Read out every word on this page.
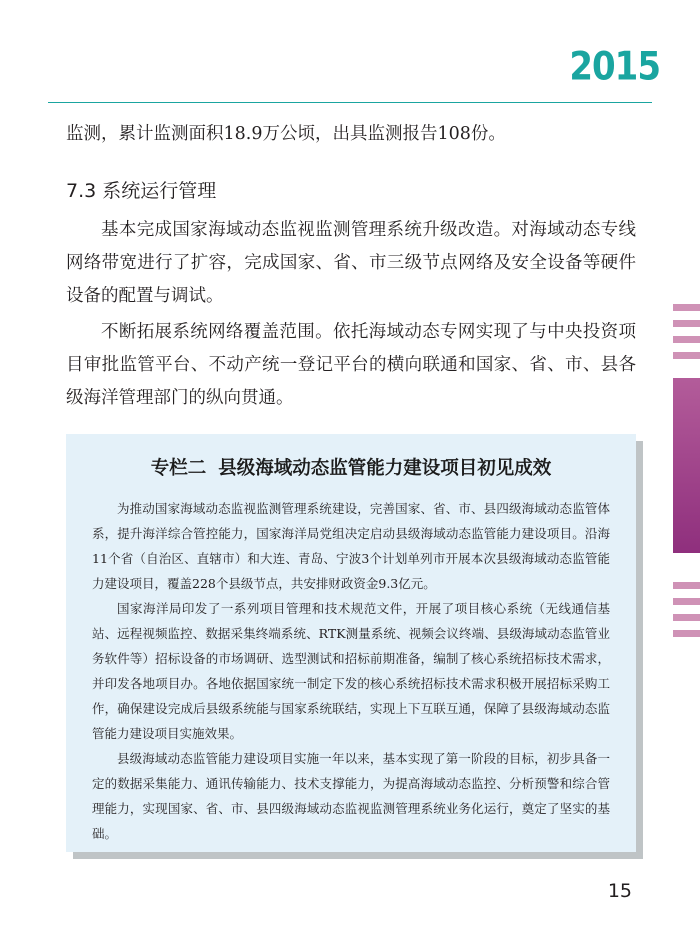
2015
监测，累计监测面积18.9万公顷，出具监测报告108份。
7.3 系统运行管理

基本完成国家海域动态监视监测管理系统升级改造。对海域动态专线网络带宽进行了扩容，完成国家、省、市三级节点网络及安全设备等硬件设备的配置与调试。

不断拓展系统网络覆盖范围。依托海域动态专网实现了与中央投资项目审批监管平台、不动产统一登记平台的横向联通和国家、省、市、县各级海洋管理部门的纵向贯通。

专栏二 县级海域动态监管能力建设项目初见成效

为推动国家海域动态监视监测管理系统建设，完善国家、省、市、县四级海域动态监管体系，提升海洋综合管控能力，国家海洋局党组决定启动县级海域动态监管能力建设项目。沿海11个省（自治区、直辖市）和大连、青岛、宁波3个计划单列市开展本次县级海域动态监管能力建设项目，覆盖228个县级节点，共安排财政资金9.3亿元。

国家海洋局印发了一系列项目管理和技术规范文件，开展了项目核心系统（无线通信基站、远程视频监控、数据采集终端系统、RTK测量系统、视频会议终端、县级海域动态监管业务软件等）招标设备的市场调研、选型测试和招标前期准备，编制了核心系统招标技术需求，并印发各地项目办。各地依据国家统一制定下发的核心系统招标技术需求积极开展招标采购工作，确保建设完成后县级系统能与国家系统联结，实现上下互联互通，保障了县级海域动态监管能力建设项目实施效果。

县级海域动态监管能力建设项目实施一年以来，基本实现了第一阶段的目标，初步具备一定的数据采集能力、通讯传输能力、技术支撑能力，为提高海域动态监控、分析预警和综合管理能力，实现国家、省、市、县四级海域动态监视监测管理系统业务化运行，奠定了坚实的基础。

15
